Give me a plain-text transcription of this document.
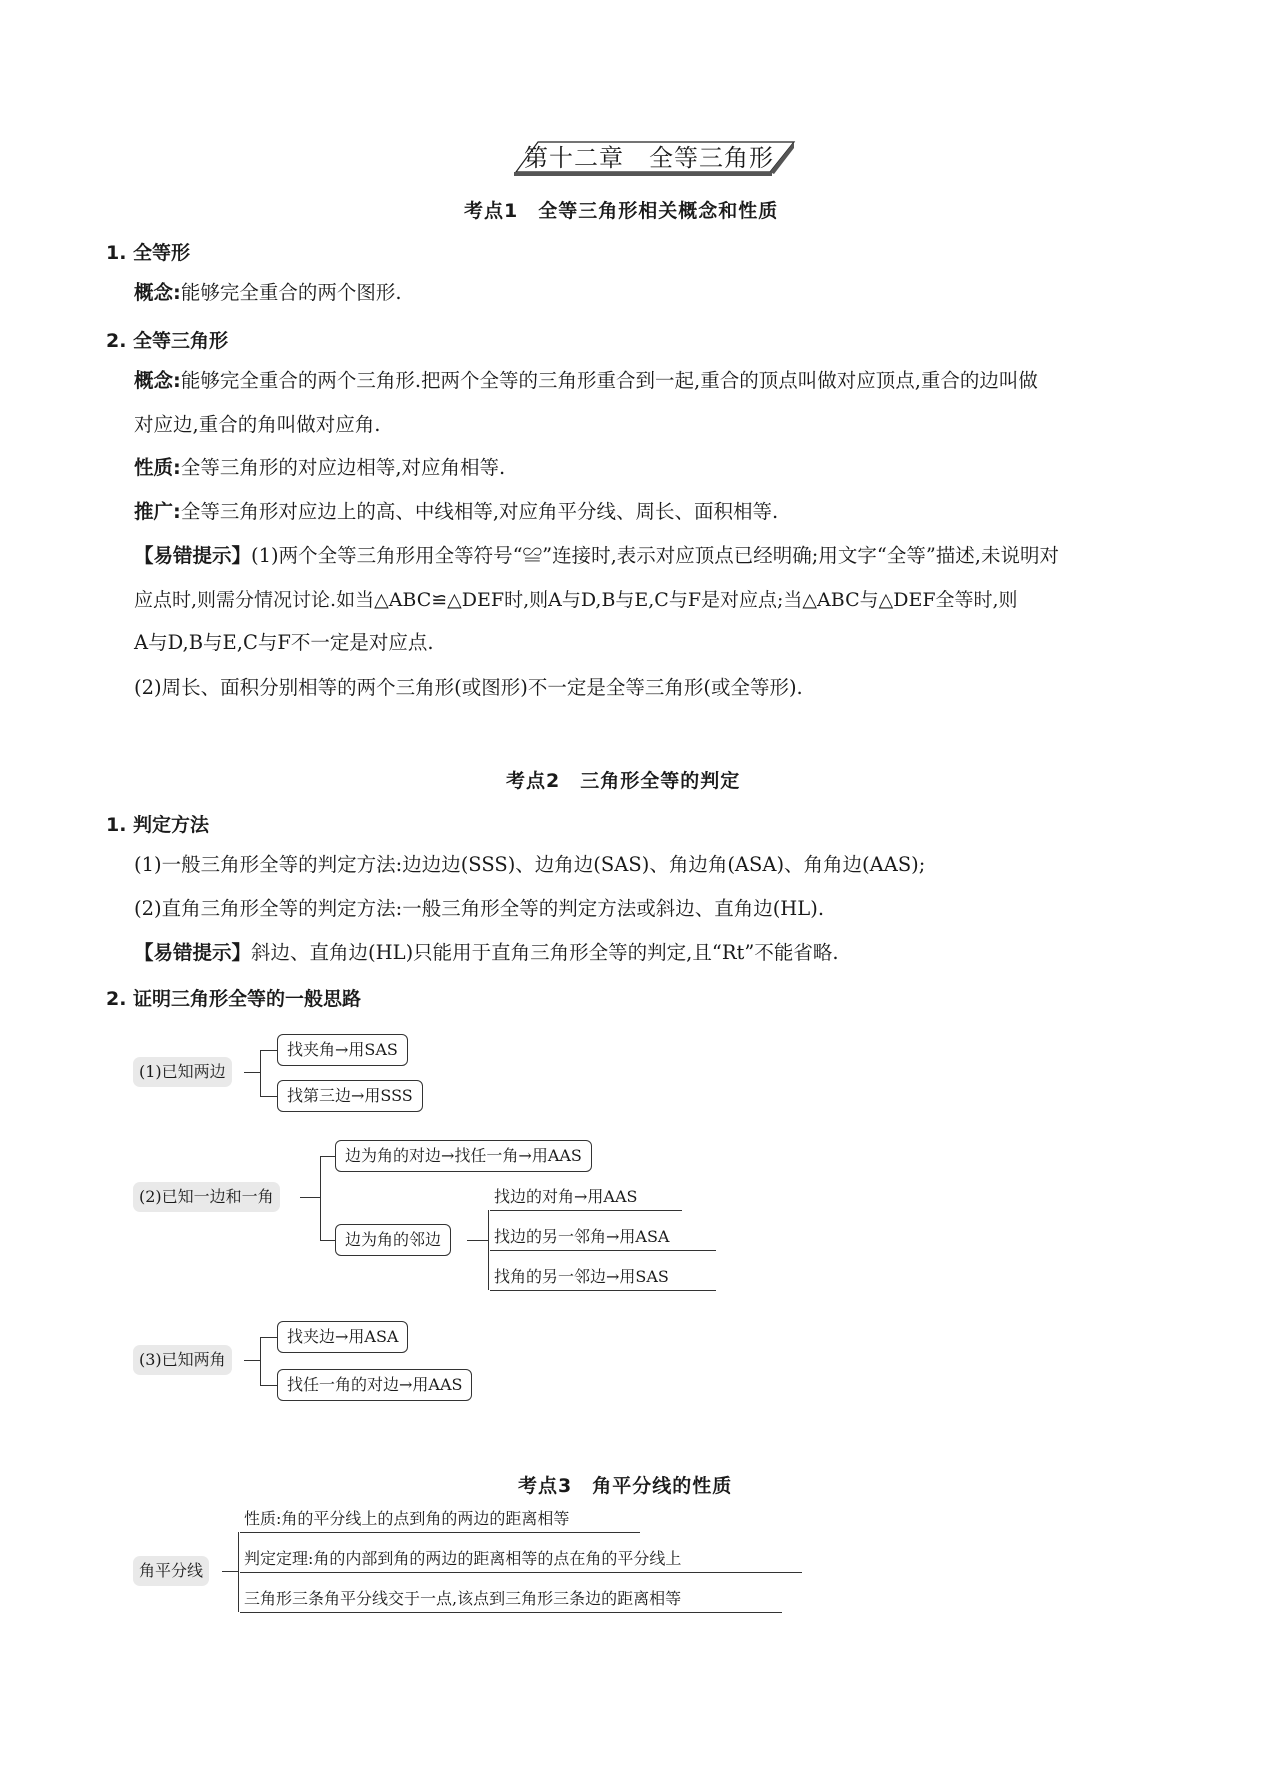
第十二章　全等三角形
考点1　全等三角形相关概念和性质
1. 全等形
概念:能够完全重合的两个图形.
2. 全等三角形
概念:能够完全重合的两个三角形.把两个全等的三角形重合到一起,重合的顶点叫做对应顶点,重合的边叫做
对应边,重合的角叫做对应角.
性质:全等三角形的对应边相等,对应角相等.
推广:全等三角形对应边上的高、中线相等,对应角平分线、周长、面积相等.
【易错提示】(1)两个全等三角形用全等符号“≌”连接时,表示对应顶点已经明确;用文字“全等”描述,未说明对
应点时,则需分情况讨论.如当△ABC≌△DEF时,则A与D,B与E,C与F是对应点;当△ABC与△DEF全等时,则
A与D,B与E,C与F不一定是对应点.
(2)周长、面积分别相等的两个三角形(或图形)不一定是全等三角形(或全等形).
考点2　三角形全等的判定
1. 判定方法
(1)一般三角形全等的判定方法:边边边(SSS)、边角边(SAS)、角边角(ASA)、角角边(AAS);
(2)直角三角形全等的判定方法:一般三角形全等的判定方法或斜边、直角边(HL).
【易错提示】斜边、直角边(HL)只能用于直角三角形全等的判定,且“Rt”不能省略.
2. 证明三角形全等的一般思路
(1)已知两边
找夹角→用SAS
找第三边→用SSS
(2)已知一边和一角
边为角的对边→找任一角→用AAS
边为角的邻边
找边的对角→用AAS
找边的另一邻角→用ASA
找角的另一邻边→用SAS
(3)已知两角
找夹边→用ASA
找任一角的对边→用AAS
考点3　角平分线的性质
角平分线
性质:角的平分线上的点到角的两边的距离相等
判定定理:角的内部到角的两边的距离相等的点在角的平分线上
三角形三条角平分线交于一点,该点到三角形三条边的距离相等
